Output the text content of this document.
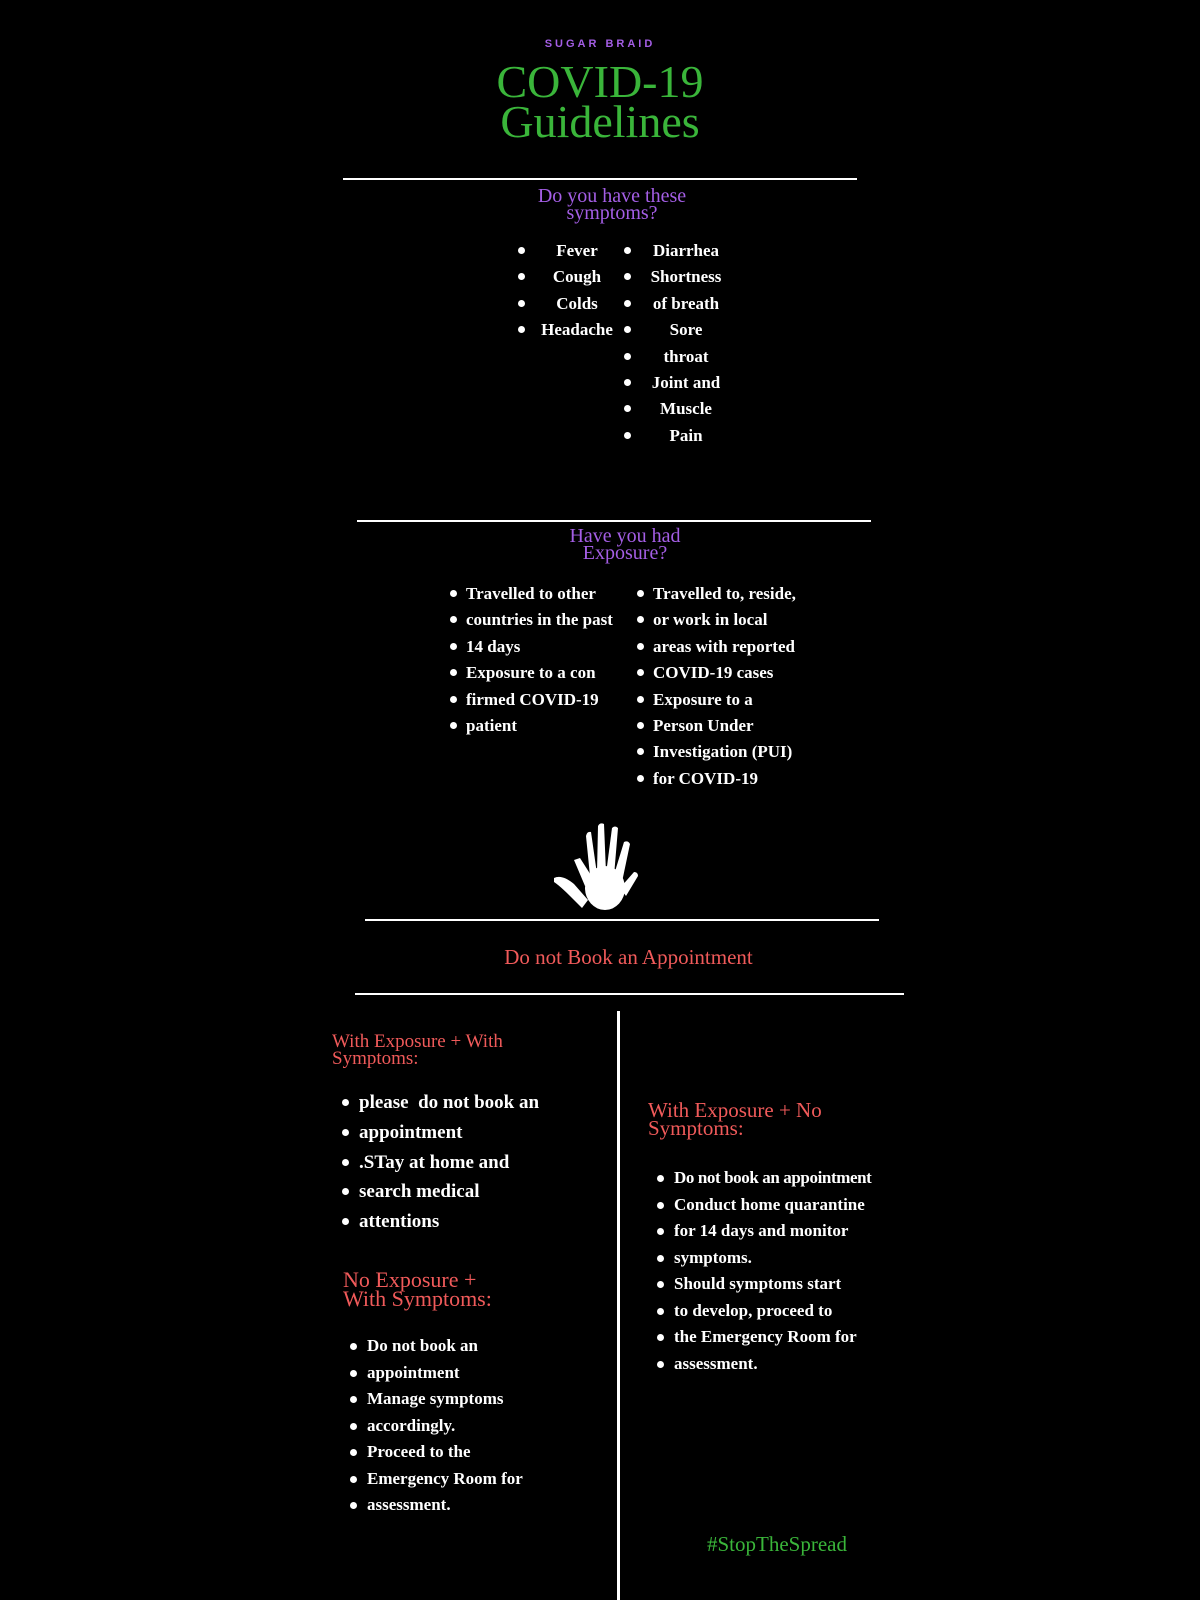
SUGAR BRAID
COVID-19
Guidelines
Do you have these
symptoms?
Fever
Cough
Colds
Headache
Diarrhea
Shortness
of breath
Sore
throat
Joint and
Muscle
Pain
Have you had
Exposure?
Travelled to other
countries in the past
14 days
Exposure to a con
firmed COVID-19
patient
Travelled to, reside,
or work in local
areas with reported
COVID-19 cases
Exposure to a
Person Under
Investigation (PUI)
for COVID-19
Do not Book an Appointment
With Exposure + With
Symptoms:
please  do not book an
appointment
.STay at home and
search medical
attentions
No Exposure +
With Symptoms:
Do not book an
appointment
Manage symptoms
accordingly.
Proceed to the
Emergency Room for
assessment.
With Exposure + No
Symptoms:
Do not book an appointment
Conduct home quarantine
for 14 days and monitor
symptoms.
Should symptoms start
to develop, proceed to
the Emergency Room for
assessment.
#StopTheSpread
